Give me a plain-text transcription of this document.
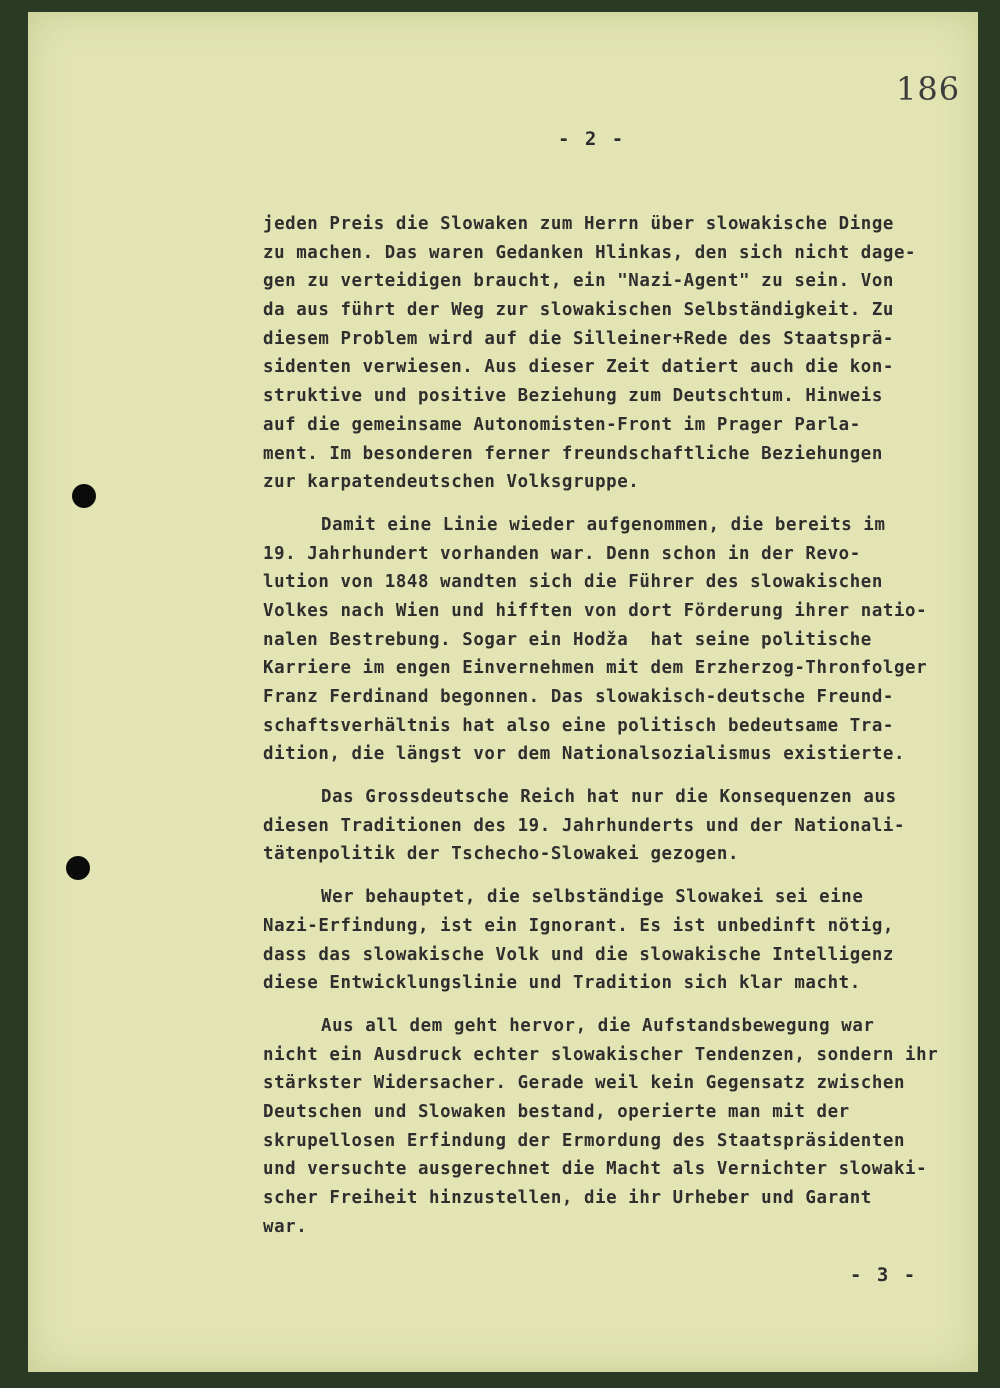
186
- 2 -
jeden Preis die Slowaken zum Herrn über slowakische Dinge
zu machen. Das waren Gedanken Hlinkas, den sich nicht dage-
gen zu verteidigen braucht, ein "Nazi-Agent" zu sein. Von
da aus führt der Weg zur slowakischen Selbständigkeit. Zu
diesem Problem wird auf die Silleiner+Rede des Staatsprä-
sidenten verwiesen. Aus dieser Zeit datiert auch die kon-
struktive und positive Beziehung zum Deutschtum. Hinweis
auf die gemeinsame Autonomisten-Front im Prager Parla-
ment. Im besonderen ferner freundschaftliche Beziehungen
zur karpatendeutschen Volksgruppe.
Damit eine Linie wieder aufgenommen, die bereits im
19. Jahrhundert vorhanden war. Denn schon in der Revo-
lution von 1848 wandten sich die Führer des slowakischen
Volkes nach Wien und hifften von dort Förderung ihrer natio-
nalen Bestrebung. Sogar ein Hodža  hat seine politische
Karriere im engen Einvernehmen mit dem Erzherzog-Thronfolger
Franz Ferdinand begonnen. Das slowakisch-deutsche Freund-
schaftsverhältnis hat also eine politisch bedeutsame Tra-
dition, die längst vor dem Nationalsozialismus existierte.
Das Grossdeutsche Reich hat nur die Konsequenzen aus
diesen Traditionen des 19. Jahrhunderts und der Nationali-
tätenpolitik der Tschecho-Slowakei gezogen.
Wer behauptet, die selbständige Slowakei sei eine
Nazi-Erfindung, ist ein Ignorant. Es ist unbedinft nötig,
dass das slowakische Volk und die slowakische Intelligenz
diese Entwicklungslinie und Tradition sich klar macht.
Aus all dem geht hervor, die Aufstandsbewegung war
nicht ein Ausdruck echter slowakischer Tendenzen, sondern ihr
stärkster Widersacher. Gerade weil kein Gegensatz zwischen
Deutschen und Slowaken bestand, operierte man mit der
skrupellosen Erfindung der Ermordung des Staatspräsidenten
und versuchte ausgerechnet die Macht als Vernichter slowaki-
scher Freiheit hinzustellen, die ihr Urheber und Garant
war.
- 3 -
